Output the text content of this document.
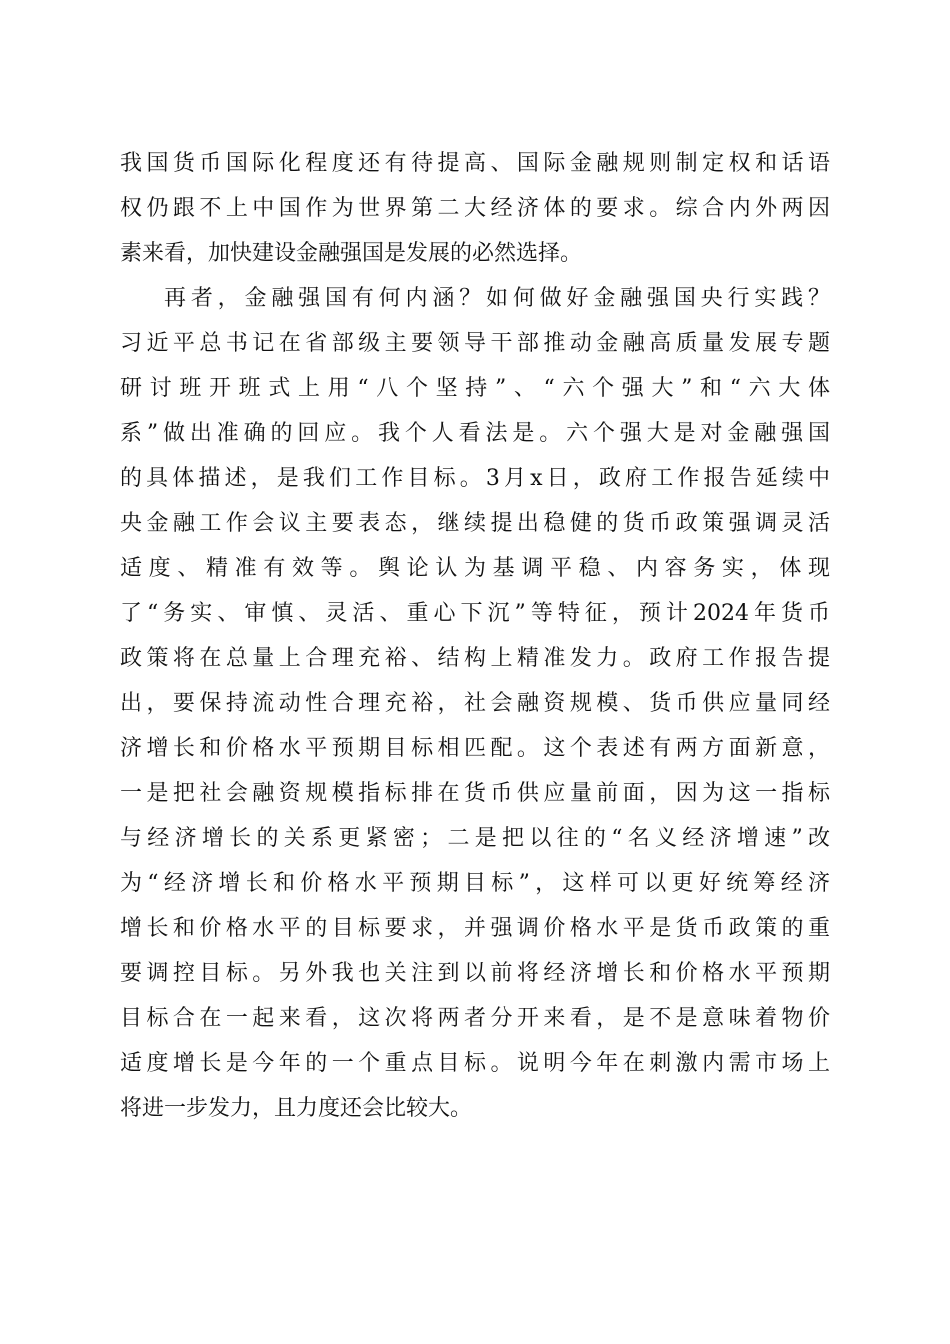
我国货币国际化程度还有待提高、国际金融规则制定权和话语
权仍跟不上中国作为世界第二大经济体的要求。综合内外两因
素来看，加快建设金融强国是发展的必然选择。
再者，金融强国有何内涵？如何做好金融强国央行实践？
习近平总书记在省部级主要领导干部推动金融高质量发展专题
研讨班开班式上用“八个坚持”、“六个强大”和“六大体
系”做出准确的回应。我个人看法是。六个强大是对金融强国
的具体描述，是我们工作目标。3月x日，政府工作报告延续中
央金融工作会议主要表态，继续提出稳健的货币政策强调灵活
适度、精准有效等。舆论认为基调平稳、内容务实，体现
了“务实、审慎、灵活、重心下沉”等特征，预计2024年货币
政策将在总量上合理充裕、结构上精准发力。政府工作报告提
出，要保持流动性合理充裕，社会融资规模、货币供应量同经
济增长和价格水平预期目标相匹配。这个表述有两方面新意，
一是把社会融资规模指标排在货币供应量前面，因为这一指标
与经济增长的关系更紧密；二是把以往的“名义经济增速”改
为“经济增长和价格水平预期目标”，这样可以更好统筹经济
增长和价格水平的目标要求，并强调价格水平是货币政策的重
要调控目标。另外我也关注到以前将经济增长和价格水平预期
目标合在一起来看，这次将两者分开来看，是不是意味着物价
适度增长是今年的一个重点目标。说明今年在刺激内需市场上
将进一步发力，且力度还会比较大。
